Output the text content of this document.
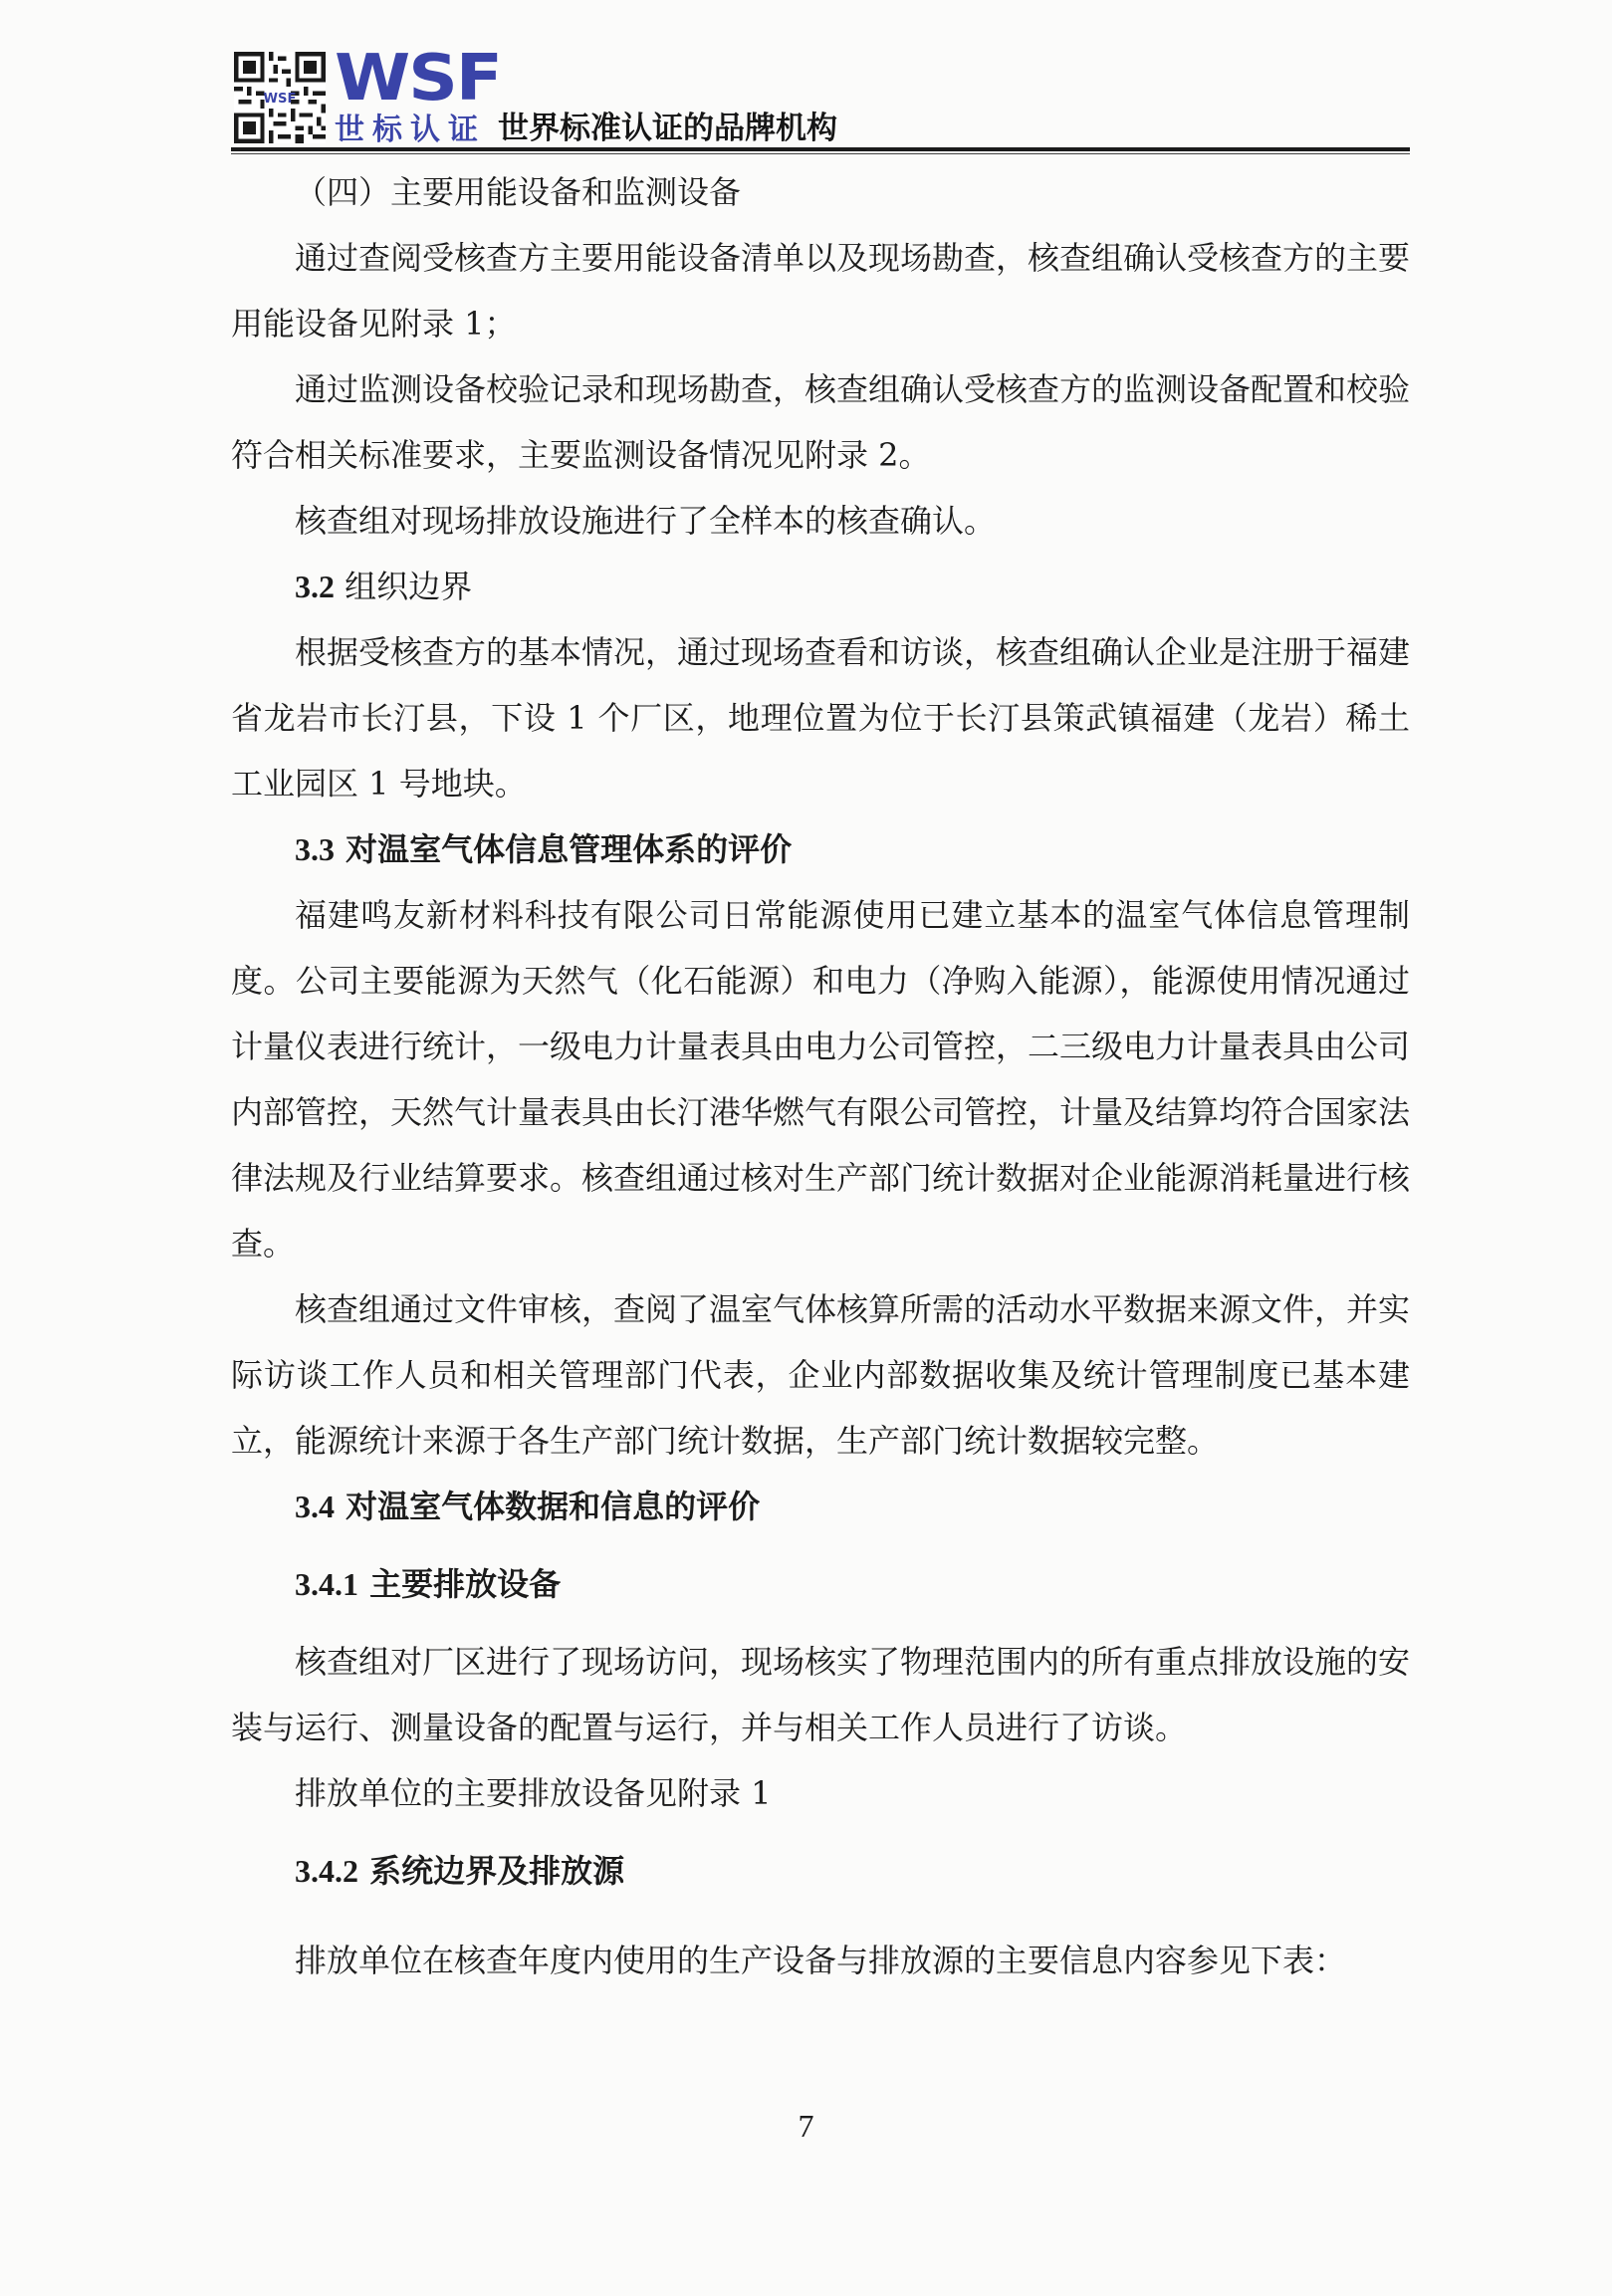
WSF WSF
世标认证 世界标准认证的品牌机构

（四）主要用能设备和监测设备

通过查阅受核查方主要用能设备清单以及现场勘查，核查组确认受核查方的主要用能设备见附录 1；

通过监测设备校验记录和现场勘查，核查组确认受核查方的监测设备配置和校验符合相关标准要求，主要监测设备情况见附录 2。

核查组对现场排放设施进行了全样本的核查确认。

3.2 组织边界

根据受核查方的基本情况，通过现场查看和访谈，核查组确认企业是注册于福建省龙岩市长汀县，下设 1 个厂区，地理位置为位于长汀县策武镇福建（龙岩）稀土工业园区 1 号地块。

3.3 对温室气体信息管理体系的评价

福建鸣友新材料科技有限公司日常能源使用已建立基本的温室气体信息管理制度。公司主要能源为天然气（化石能源）和电力（净购入能源），能源使用情况通过计量仪表进行统计，一级电力计量表具由电力公司管控，二三级电力计量表具由公司内部管控，天然气计量表具由长汀港华燃气有限公司管控，计量及结算均符合国家法律法规及行业结算要求。核查组通过核对生产部门统计数据对企业能源消耗量进行核查。

核查组通过文件审核，查阅了温室气体核算所需的活动水平数据来源文件，并实际访谈工作人员和相关管理部门代表，企业内部数据收集及统计管理制度已基本建立，能源统计来源于各生产部门统计数据，生产部门统计数据较完整。

3.4 对温室气体数据和信息的评价

3.4.1 主要排放设备

核查组对厂区进行了现场访问，现场核实了物理范围内的所有重点排放设施的安装与运行、测量设备的配置与运行，并与相关工作人员进行了访谈。

排放单位的主要排放设备见附录 1

3.4.2 系统边界及排放源

排放单位在核查年度内使用的生产设备与排放源的主要信息内容参见下表：

7
